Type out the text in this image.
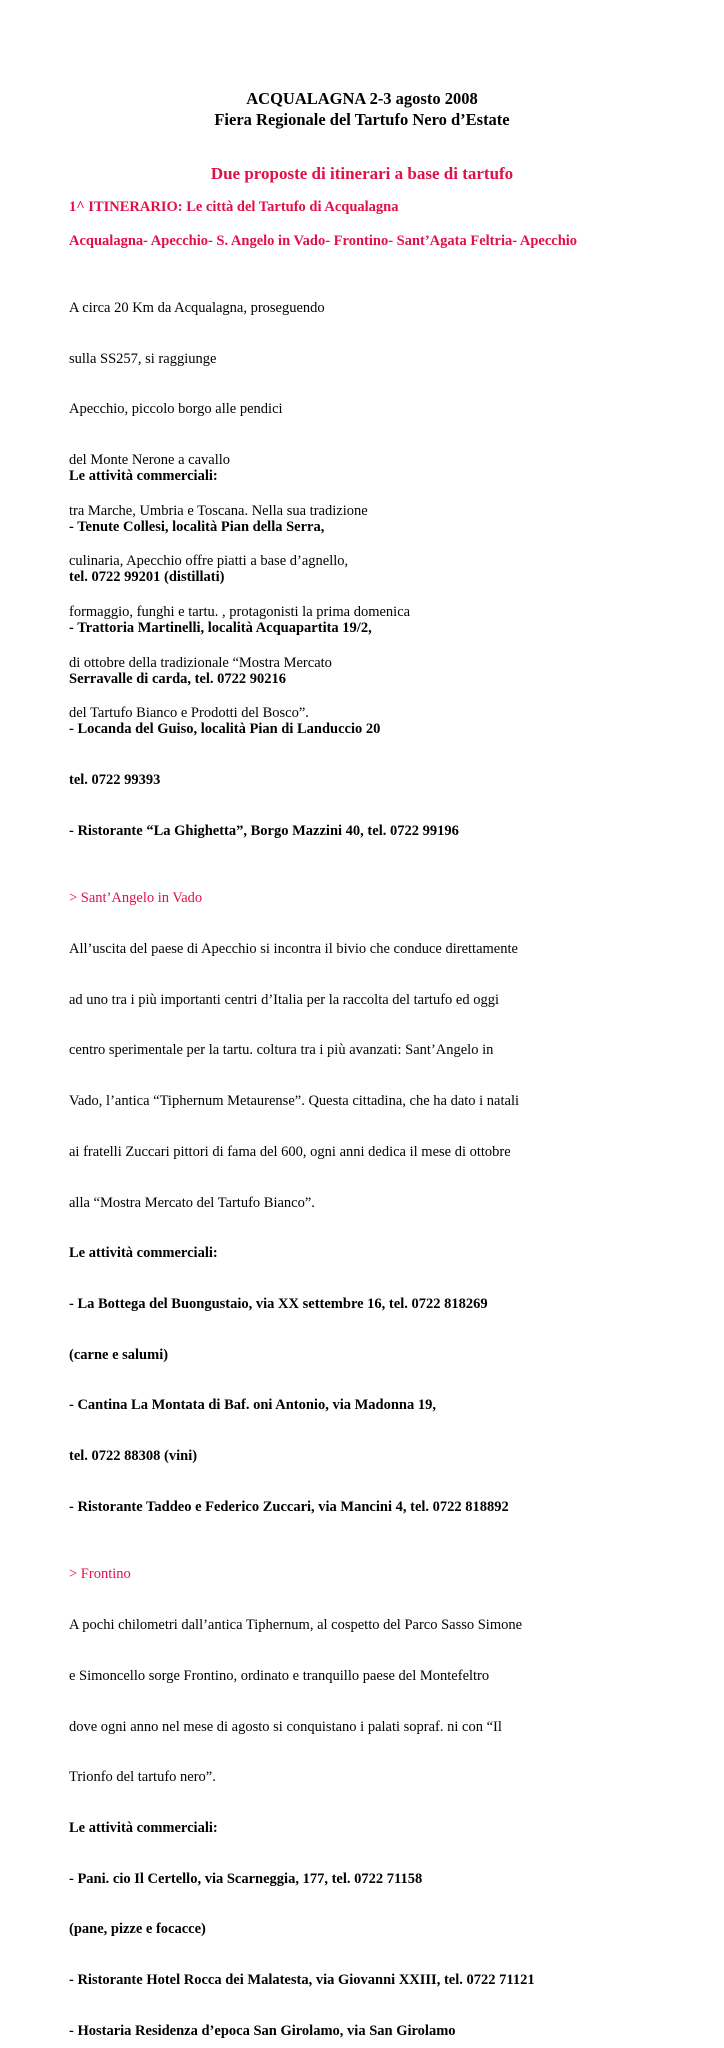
ACQUALAGNA 2-3 agosto 2008
Fiera Regionale del Tartufo Nero d’Estate
Due proposte di itinerari a base di tartufo
1^ ITINERARIO: Le città del Tartufo di Acqualagna
Acqualagna- Apecchio- S. Angelo in Vado- Frontino- Sant’Agata Feltria- Apecchio

A circa 20 Km da Acqualagna, proseguendo

sulla SS257, si raggiunge

Apecchio, piccolo borgo alle pendici

del Monte Nerone a cavallo

tra Marche, Umbria e Toscana. Nella sua tradizione

culinaria, Apecchio offre piatti a base d’agnello,

formaggio, funghi e tartu. , protagonisti la prima domenica

di ottobre della tradizionale “Mostra Mercato

del Tartufo Bianco e Prodotti del Bosco”.

Le attività commerciali:

- Tenute Collesi, località Pian della Serra,

tel. 0722 99201 (distillati)

- Trattoria Martinelli, località Acquapartita 19/2,

Serravalle di carda, tel. 0722 90216

- Locanda del Guiso, località Pian di Landuccio 20

tel. 0722 99393

- Ristorante “La Ghighetta”, Borgo Mazzini 40, tel. 0722 99196

> Sant’Angelo in Vado

All’uscita del paese di Apecchio si incontra il bivio che conduce direttamente

ad uno tra i più importanti centri d’Italia per la raccolta del tartufo ed oggi

centro sperimentale per la tartu. coltura tra i più avanzati: Sant’Angelo in

Vado, l’antica “Tiphernum Metaurense”. Questa cittadina, che ha dato i natali

ai fratelli Zuccari pittori di fama del 600, ogni anni dedica il mese di ottobre

alla “Mostra Mercato del Tartufo Bianco”.

Le attività commerciali:

- La Bottega del Buongustaio, via XX settembre 16, tel. 0722 818269

(carne e salumi)

- Cantina La Montata di Baf. oni Antonio, via Madonna 19,

tel. 0722 88308 (vini)

- Ristorante Taddeo e Federico Zuccari, via Mancini 4, tel. 0722 818892

> Frontino

A pochi chilometri dall’antica Tiphernum, al cospetto del Parco Sasso Simone

e Simoncello sorge Frontino, ordinato e tranquillo paese del Montefeltro

dove ogni anno nel mese di agosto si conquistano i palati sopraf. ni con “Il

Trionfo del tartufo nero”.

Le attività commerciali:

- Pani. cio Il Certello, via Scarneggia, 177, tel. 0722 71158

(pane, pizze e focacce)

- Ristorante Hotel Rocca dei Malatesta, via Giovanni XXIII, tel. 0722 71121

- Hostaria Residenza d’epoca San Girolamo, via San Girolamo
